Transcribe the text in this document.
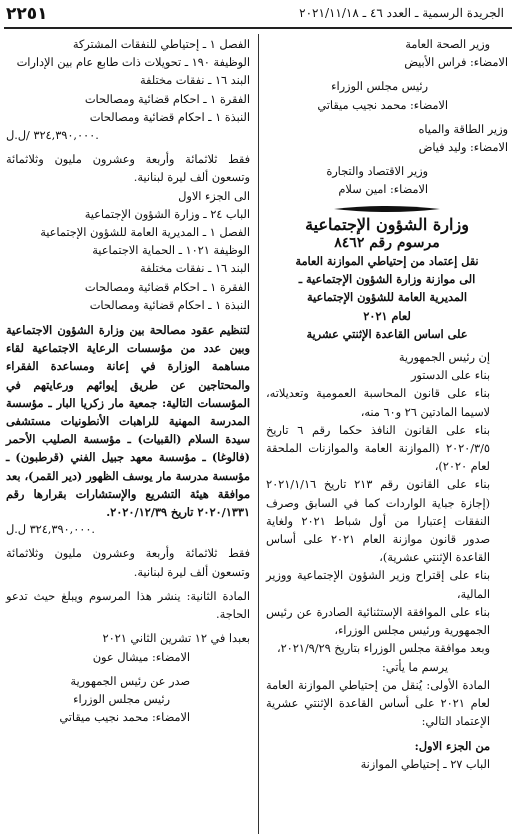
٢٢٥١	الجريدة الرسمية ـ العدد ٤٦ ـ ٢٠٢١/١١/١٨
وزير الصحة العامة
الامضاء: فراس الأبيض
رئيس مجلس الوزراء
الامضاء: محمد نجيب ميقاتي
وزير الطاقة والمياه
الامضاء: وليد فياض
وزير الاقتصاد والتجارة
الامضاء: امين سلام
وزارة الشؤون الإجتماعية
مرسوم رقم ٨٤٦٢
نقل إعتماد من إحتياطي الموازنة العامة
الى موازنة وزارة الشؤون الإجتماعية ـ
المديرية العامة للشؤون الإجتماعية
لعام ٢٠٢١
على اساس القاعدة الإثنتي عشرية
إن رئيس الجمهورية
بناء على الدستور
بناء على قانون المحاسبة العمومية وتعديلاته، لاسيما المادتين ٢٦ و٦٠ منه،
بناء على القانون النافذ حكما رقم ٦ تاريخ ٢٠٢٠/٣/٥ (الموازنة العامة والموازنات الملحقة لعام ٢٠٢٠)،
بناء على القانون رقم ٢١٣ تاريخ ٢٠٢١/١/١٦ (إجازة جباية الواردات كما في السابق وصرف النفقات إعتبارا من أول شباط ٢٠٢١ ولغاية صدور قانون موازنة العام ٢٠٢١ على أساس القاعدة الإثنتي عشرية)،
بناء على إقتراح وزير الشؤون الإجتماعية ووزير المالية،
بناء على الموافقة الإستثنائية الصادرة عن رئيس الجمهورية ورئيس مجلس الوزراء،
وبعد موافقة مجلس الوزراء بتاريخ ٢٠٢١/٩/٢٩،
يرسم ما يأتي:
المادة الأولى: يُنقل من إحتياطي الموازنة العامة لعام ٢٠٢١ على أساس القاعدة الإثنتي عشرية الإعتماد التالي:
من الجزء الاول:
الباب ٢٧ ـ إحتياطي الموازنة
الفصل ١ ـ إحتياطي للنفقات المشتركة
الوظيفة ١٩٠ ـ تحويلات ذات طابع عام بين الإدارات
البند ١٦ ـ نفقات مختلفة
الفقرة ١ ـ احكام قضائية ومصالحات
النبذة ١ ـ احكام قضائية ومصالحات
٣٢٤,٣٩٠,٠٠٠ /ل.ل.
فقط ثلاثمائة وأربعة وعشرون مليون وثلاثمائة وتسعون ألف ليرة لبنانية.
الى الجزء الاول
الباب ٢٤ ـ وزارة الشؤون الإجتماعية
الفصل ١ ـ المديرية العامة للشؤون الإجتماعية
الوظيفة ١٠٢١ ـ الحماية الاجتماعية
البند ١٦ ـ نفقات مختلفة
الفقرة ١ ـ احكام قضائية ومصالحات
النبذة ١ ـ احكام قضائية ومصالحات
لتنظيم عقود مصالحة بين وزارة الشؤون الاجتماعية وبين عدد من مؤسسات الرعاية الاجتماعية لقاء مساهمة الوزارة في إعانة ومساعدة الفقراء والمحتاجين عن طريق إيوائهم ورعايتهم في المؤسسات التالية: جمعية مار زكريا البار ـ مؤسسة المدرسة المهنية للراهبات الأنطونيات مستشفى سيدة السلام (القبيات) ـ مؤسسة الصليب الأحمر (فالوغا) ـ مؤسسة معهد جبيل الفني (قرطبون) ـ مؤسسة مدرسة مار يوسف الظهور (دير القمر)، بعد موافقة هيئة التشريع والإستشارات بقرارها رقم ٢٠٢٠/١٣٣١ تاريخ ٢٠٢٠/١٢/٣٩.
٣٢٤,٣٩٠,٠٠٠ ل.ل.
فقط ثلاثمائة وأربعة وعشرون مليون وثلاثمائة وتسعون ألف ليرة لبنانية.
المادة الثانية: ينشر هذا المرسوم ويبلغ حيث تدعو الحاجة.
بعبدا في ١٢ تشرين الثاني ٢٠٢١
الامضاء: ميشال عون
صدر عن رئيس الجمهورية
رئيس مجلس الوزراء
الامضاء: محمد نجيب ميقاتي
